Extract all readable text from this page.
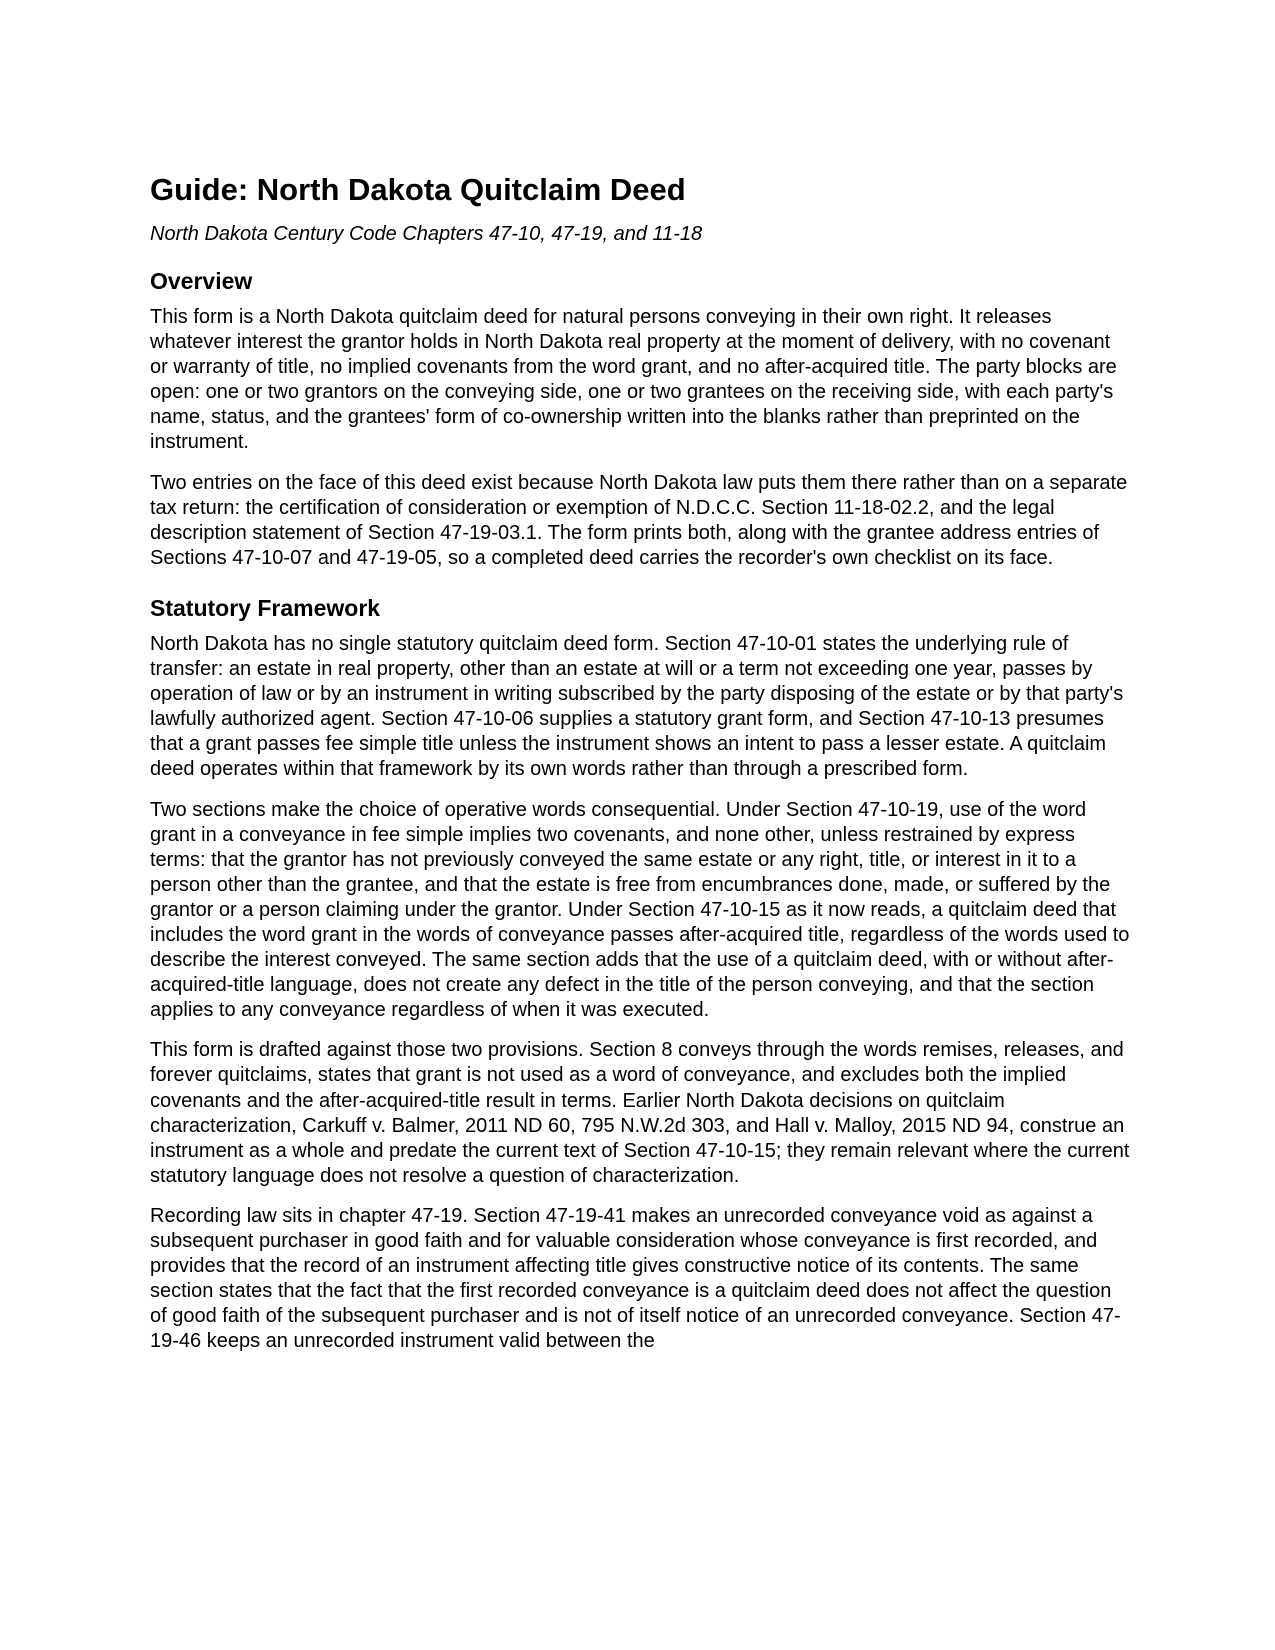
Guide: North Dakota Quitclaim Deed

North Dakota Century Code Chapters 47-10, 47-19, and 11-18

Overview

This form is a North Dakota quitclaim deed for natural persons conveying in their own right. It releases whatever interest the grantor holds in North Dakota real property at the moment of delivery, with no covenant or warranty of title, no implied covenants from the word grant, and no after-acquired title. The party blocks are open: one or two grantors on the conveying side, one or two grantees on the receiving side, with each party's name, status, and the grantees' form of co-ownership written into the blanks rather than preprinted on the instrument.

Two entries on the face of this deed exist because North Dakota law puts them there rather than on a separate tax return: the certification of consideration or exemption of N.D.C.C. Section 11-18-02.2, and the legal description statement of Section 47-19-03.1. The form prints both, along with the grantee address entries of Sections 47-10-07 and 47-19-05, so a completed deed carries the recorder's own checklist on its face.

Statutory Framework

North Dakota has no single statutory quitclaim deed form. Section 47-10-01 states the underlying rule of transfer: an estate in real property, other than an estate at will or a term not exceeding one year, passes by operation of law or by an instrument in writing subscribed by the party disposing of the estate or by that party's lawfully authorized agent. Section 47-10-06 supplies a statutory grant form, and Section 47-10-13 presumes that a grant passes fee simple title unless the instrument shows an intent to pass a lesser estate. A quitclaim deed operates within that framework by its own words rather than through a prescribed form.

Two sections make the choice of operative words consequential. Under Section 47-10-19, use of the word grant in a conveyance in fee simple implies two covenants, and none other, unless restrained by express terms: that the grantor has not previously conveyed the same estate or any right, title, or interest in it to a person other than the grantee, and that the estate is free from encumbrances done, made, or suffered by the grantor or a person claiming under the grantor. Under Section 47-10-15 as it now reads, a quitclaim deed that includes the word grant in the words of conveyance passes after-acquired title, regardless of the words used to describe the interest conveyed. The same section adds that the use of a quitclaim deed, with or without after-acquired-title language, does not create any defect in the title of the person conveying, and that the section applies to any conveyance regardless of when it was executed.

This form is drafted against those two provisions. Section 8 conveys through the words remises, releases, and forever quitclaims, states that grant is not used as a word of conveyance, and excludes both the implied covenants and the after-acquired-title result in terms. Earlier North Dakota decisions on quitclaim characterization, Carkuff v. Balmer, 2011 ND 60, 795 N.W.2d 303, and Hall v. Malloy, 2015 ND 94, construe an instrument as a whole and predate the current text of Section 47-10-15; they remain relevant where the current statutory language does not resolve a question of characterization.

Recording law sits in chapter 47-19. Section 47-19-41 makes an unrecorded conveyance void as against a subsequent purchaser in good faith and for valuable consideration whose conveyance is first recorded, and provides that the record of an instrument affecting title gives constructive notice of its contents. The same section states that the fact that the first recorded conveyance is a quitclaim deed does not affect the question of good faith of the subsequent purchaser and is not of itself notice of an unrecorded conveyance. Section 47-19-46 keeps an unrecorded instrument valid between the
